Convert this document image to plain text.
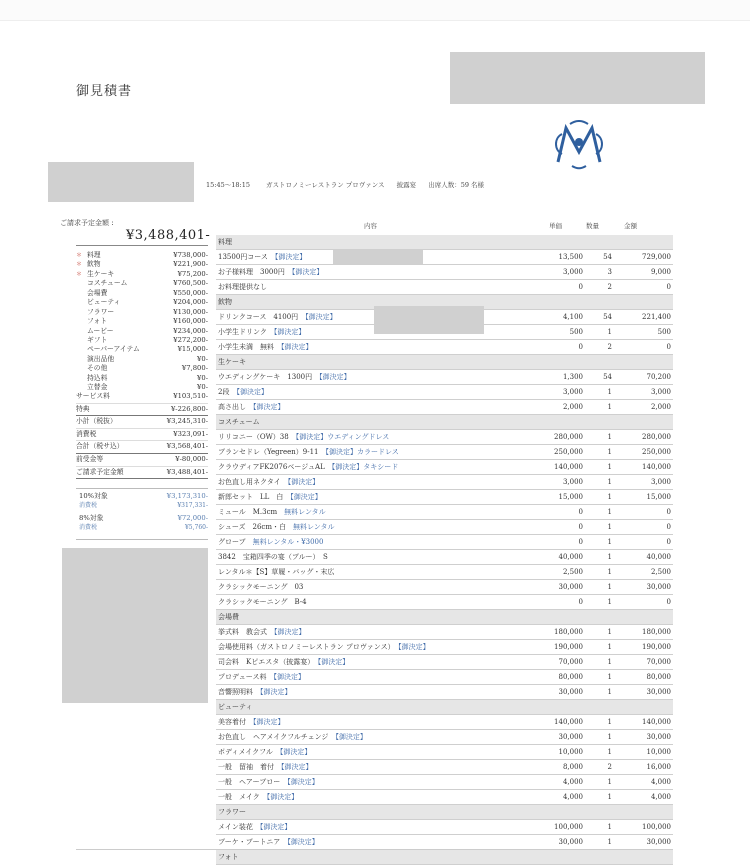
御見積書
15:45〜18:15 ガストロノミーレストラン プロヴァンス 披露宴 出席人数：59 名様
ご請求予定金額 :
¥3,488,401-
＊ 料理	¥738,000-
＊ 飲物	¥221,900-
＊ 生ケーキ	¥75,200-
コスチューム	¥760,500-
会場費	¥550,000-
ビューティ	¥204,000-
フラワー	¥130,000-
フォト	¥160,000-
ムービー	¥234,000-
ギフト	¥272,200-
ペーパーアイテム	¥15,000-
演出品他	¥0-
その他	¥7,800-
持込料	¥0-
立替金	¥0-
サービス料	¥103,510-
特典	¥-226,800-
小計（税抜）	¥3,245,310-
消費税	¥323,091-
合計（税サ込）	¥3,568,401-
前受金等	¥-80,000-
ご請求予定金額	¥3,488,401-
10%対象	¥3,173,310-
消費税	¥317,331-
8%対象	¥72,000-
消費税	¥5,760-
内容	単価	数量	金額
料理
13500円コース　 【御決定】	13,500	54	729,000
お子様料理　3000円　 【御決定】	3,000	3	9,000
お料理提供なし	0	2	0
飲物
ドリンクコース　4100円　 【御決定】	4,100	54	221,400
小学生ドリンク　 【御決定】	500	1	500
小学生未満　無料　 【御決定】	0	2	0
生ケーキ
ウエディングケーキ　1300円　 【御決定】	1,300	54	70,200
2段　 【御決定】	3,000	1	3,000
高さ出し　 【御決定】	2,000	1	2,000
コスチューム
リリコニー（OW）38　 【御決定】ウエディングドレス	280,000	1	280,000
ブランセドレ（Yegreen）9-11　 【御決定】カラードレス	250,000	1	250,000
クラウディアFK2076ベージュAL　 【御決定】タキシード	140,000	1	140,000
お色直し用ネクタイ　 【御決定】	3,000	1	3,000
新郎セット　LL　白　 【御決定】	15,000	1	15,000
ミュール　M.3cm　 無料レンタル	0	1	0
シューズ　26cm・白　 無料レンタル	0	1	0
グローブ　 無料レンタル・¥3000	0	1	0
3842　宝箱四季の宴（ブルー）　S	40,000	1	40,000
レンタル＊【S】草履・バッグ・末広	2,500	1	2,500
クラシックモーニング　03	30,000	1	30,000
クラシックモーニング　B-4	0	1	0
会場費
挙式料　教会式　 【御決定】	180,000	1	180,000
会場使用料（ガストロノミーレストラン プロヴァンス）　 【御決定】	190,000	1	190,000
司会料　Kピエスタ（披露宴）　 【御決定】	70,000	1	70,000
プロデュース料　 【御決定】	80,000	1	80,000
音響照明料　 【御決定】	30,000	1	30,000
ビューティ
美容着付　 【御決定】	140,000	1	140,000
お色直し　ヘアメイクフルチェンジ　 【御決定】	30,000	1	30,000
ボディメイクフル　 【御決定】	10,000	1	10,000
一般　留袖　着付　 【御決定】	8,000	2	16,000
一般　ヘアーブロー　 【御決定】	4,000	1	4,000
一般　メイク　 【御決定】	4,000	1	4,000
フラワー
メイン装花　 【御決定】	100,000	1	100,000
ブーケ・ブートニア　 【御決定】	30,000	1	30,000
フォト
